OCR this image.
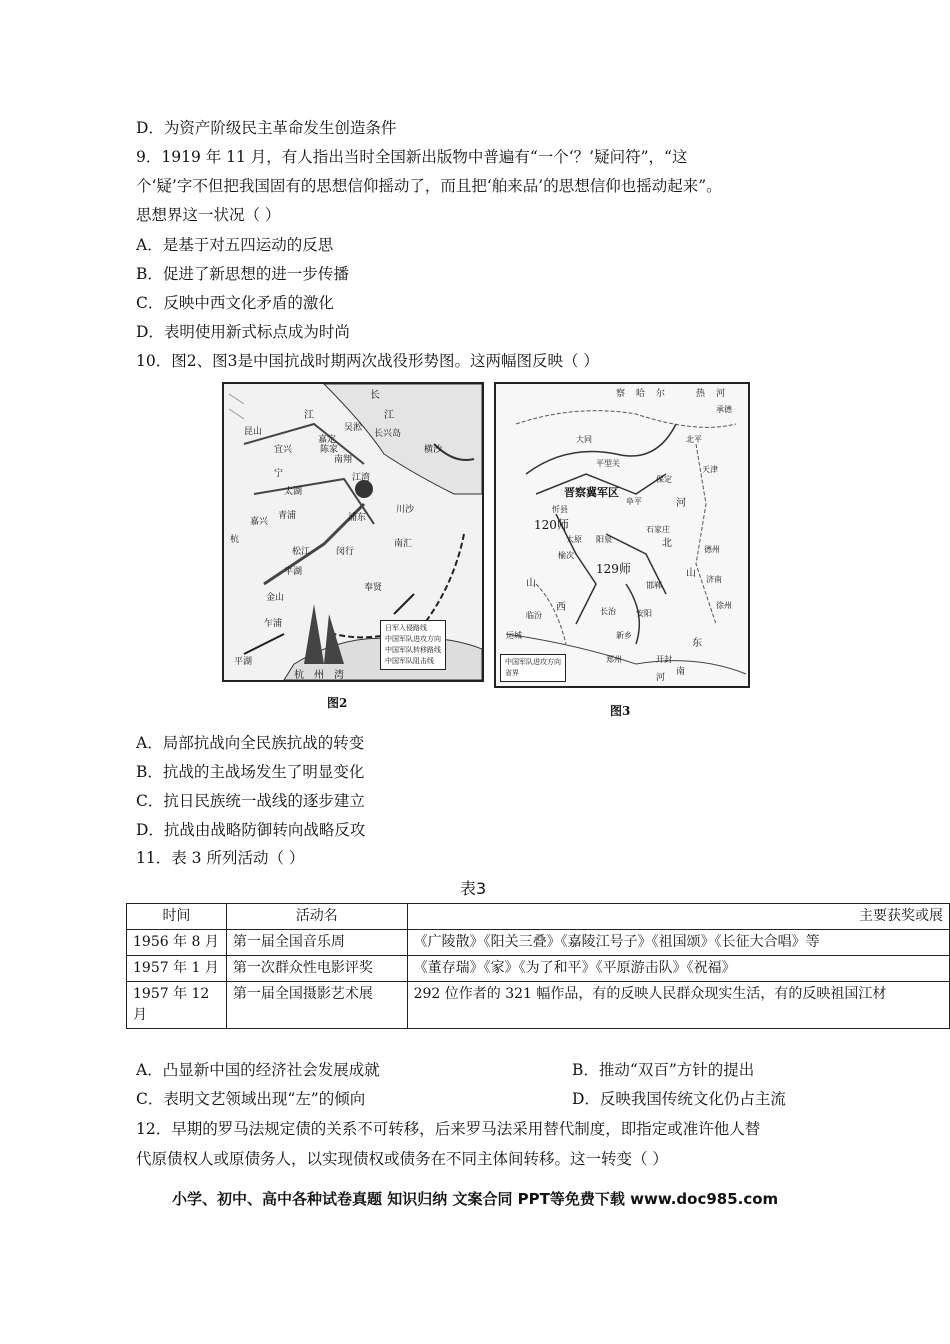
D．为资产阶级民主革命发生创造条件
9．1919 年 11 月，有人指出当时全国新出版物中普遍有“一个‘？’疑问符”，“这
个‘疑’字不但把我国固有的思想信仰摇动了，而且把‘舶来品’的思想信仰也摇动起来”。
思想界这一状况（ ）
A．是基于对五四运动的反思
B．促进了新思想的进一步传播
C．反映中西文化矛盾的激化
D．表明使用新式标点成为时尚
10．图2、图3是中国抗战时期两次战役形势图。这两幅图反映（ ）
长
江	江
嘉定
昆山
南翔
陈家
宜兴
太湖
杭
川沙
南汇
奉贤
嘉兴
平湖
金山
乍浦
平湖
杭 州 湾
长兴岛
横沙
宁
吴淞
江湾
浦东
闵行
松江
青浦
日军入侵路线
中国军队进攻方向
中国军队转移路线
中国军队阻击线
图2
察 哈 尔	热 河
承德
晋察冀军区
120师
129师
太原
石家庄
保定
北平
天津
大同
平型关
阜平
忻县
榆次
阳泉
山
西	长治
临汾
河
北
山
东
济南
德州
邯郸
安阳
新乡
开封
徐州
郑州
南
河
运城
中国军队进攻方向
省界
图3
A．局部抗战向全民族抗战的转变
B．抗战的主战场发生了明显变化
C．抗日民族统一战线的逐步建立
D．抗战由战略防御转向战略反攻
11．表 3 所列活动（ ）
表3
时间	活动名	主要获奖或展
1956 年 8 月	第一届全国音乐周	《广陵散》《阳关三叠》《嘉陵江号子》《祖国颂》《长征大合唱》等
1957 年 1 月	第一次群众性电影评奖	《董存瑞》《家》《为了和平》《平原游击队》《祝福》
1957 年 12 月	第一届全国摄影艺术展	292 位作者的 321 幅作品，有的反映人民群众现实生活，有的反映祖国江材
A．凸显新中国的经济社会发展成就	B．推动“双百”方针的提出
C．表明文艺领域出现“左”的倾向	D．反映我国传统文化仍占主流
12．早期的罗马法规定债的关系不可转移，后来罗马法采用替代制度，即指定或准许他人替
代原债权人或原债务人，以实现债权或债务在不同主体间转移。这一转变（ ）
小学、初中、高中各种试卷真题 知识归纳 文案合同 PPT等免费下载 www.doc985.com
